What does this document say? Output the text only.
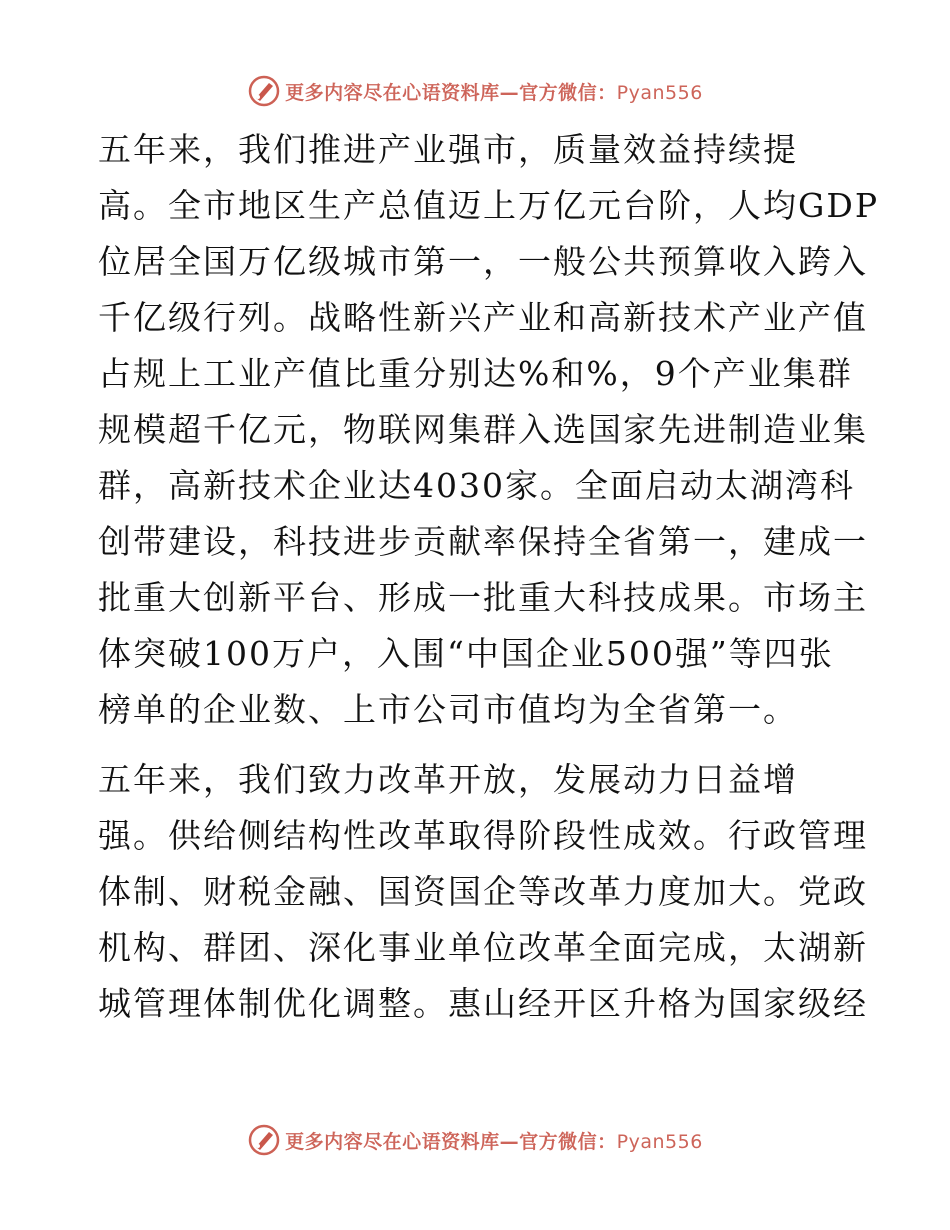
更多内容尽在心语资料库—官方微信：Pyan556
五年来，我们推进产业强市，质量效益持续提
高。全市地区生产总值迈上万亿元台阶，人均GDP
位居全国万亿级城市第一，一般公共预算收入跨入
千亿级行列。战略性新兴产业和高新技术产业产值
占规上工业产值比重分别达%和%，9个产业集群
规模超千亿元，物联网集群入选国家先进制造业集
群，高新技术企业达4030家。全面启动太湖湾科
创带建设，科技进步贡献率保持全省第一，建成一
批重大创新平台、形成一批重大科技成果。市场主
体突破100万户，入围“中国企业500强”等四张
榜单的企业数、上市公司市值均为全省第一。
五年来，我们致力改革开放，发展动力日益增
强。供给侧结构性改革取得阶段性成效。行政管理
体制、财税金融、国资国企等改革力度加大。党政
机构、群团、深化事业单位改革全面完成，太湖新
城管理体制优化调整。惠山经开区升格为国家级经
更多内容尽在心语资料库—官方微信：Pyan556
